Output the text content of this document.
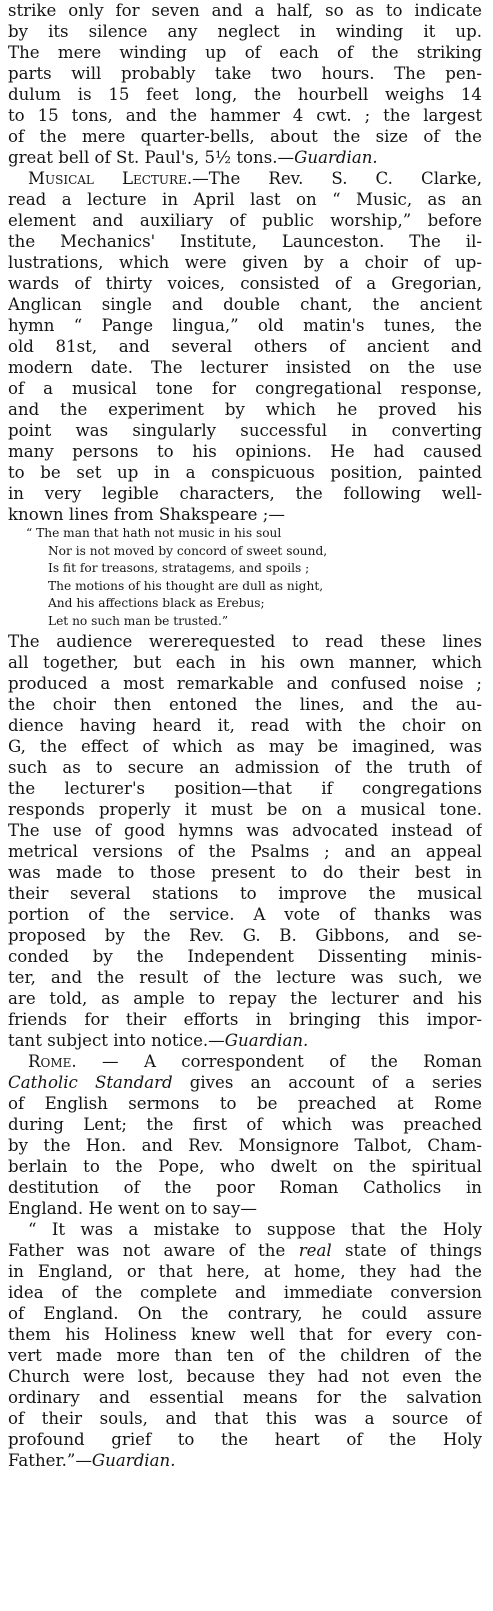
strike only for seven and a half, so as to indicate
by its silence any neglect in winding it up.
The mere winding up of each of the striking
parts will probably take two hours. The pen-
dulum is 15 feet long, the hourbell weighs 14
to 15 tons, and the hammer 4 cwt. ; the largest
of the mere quarter-bells, about the size of the
great bell of St. Paul's, 5½ tons.—Guardian.
Musical Lecture.—The Rev. S. C. Clarke,
read a lecture in April last on “ Music, as an
element and auxiliary of public worship,” before
the Mechanics' Institute, Launceston. The il-
lustrations, which were given by a choir of up-
wards of thirty voices, consisted of a Gregorian,
Anglican single and double chant, the ancient
hymn “ Pange lingua,” old matin's tunes, the
old 81st, and several others of ancient and
modern date. The lecturer insisted on the use
of a musical tone for congregational response,
and the experiment by which he proved his
point was singularly successful in converting
many persons to his opinions. He had caused
to be set up in a conspicuous position, painted
in very legible characters, the following well-
known lines from Shakspeare ;—
“ The man that hath not music in his soul
Nor is not moved by concord of sweet sound,
Is fit for treasons, stratagems, and spoils ;
The motions of his thought are dull as night,
And his affections black as Erebus;
Let no such man be trusted.”
The audience wererequested to read these lines
all together, but each in his own manner, which
produced a most remarkable and confused noise ;
the choir then entoned the lines, and the au-
dience having heard it, read with the choir on
G, the effect of which as may be imagined, was
such as to secure an admission of the truth of
the lecturer's position—that if congregations
responds properly it must be on a musical tone.
The use of good hymns was advocated instead of
metrical versions of the Psalms ; and an appeal
was made to those present to do their best in
their several stations to improve the musical
portion of the service. A vote of thanks was
proposed by the Rev. G. B. Gibbons, and se-
conded by the Independent Dissenting minis-
ter, and the result of the lecture was such, we
are told, as ample to repay the lecturer and his
friends for their efforts in bringing this impor-
tant subject into notice.—Guardian.
Rome. — A correspondent of the Roman
Catholic Standard gives an account of a series
of English sermons to be preached at Rome
during Lent; the first of which was preached
by the Hon. and Rev. Monsignore Talbot, Cham-
berlain to the Pope, who dwelt on the spiritual
destitution of the poor Roman Catholics in
England. He went on to say—
“ It was a mistake to suppose that the Holy
Father was not aware of the real state of things
in England, or that here, at home, they had the
idea of the complete and immediate conversion
of England. On the contrary, he could assure
them his Holiness knew well that for every con-
vert made more than ten of the children of the
Church were lost, because they had not even the
ordinary and essential means for the salvation
of their souls, and that this was a source of
profound grief to the heart of the Holy
Father.”—Guardian.
